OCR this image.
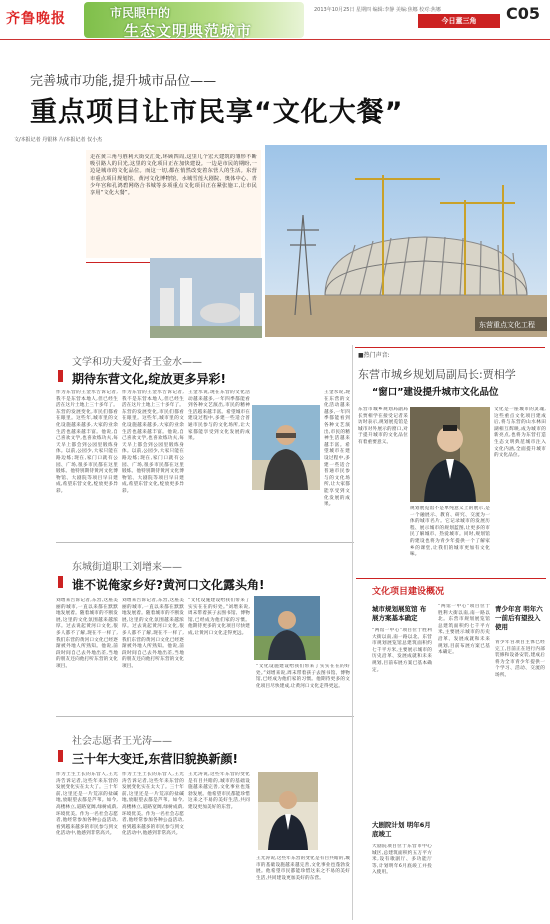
齐鲁晚报	市民眼中的
生态文明典范城市
2013年10月25日 星期四 编辑:李静 美编:焦娜 校对:焦娜
今日董三角	C05
完善城市功能,提升城市品位——
重点项目让市民享“文化大餐”
文/本报记者 丹银林 片/本报记者 仅小杰
走在黄三角与胜利大街交汇处,环顾四周,这里几个宏大建筑的雏形不断吸引路人的目光,这里的文化项目正在加快建设。一边是市民的期盼,一边是城市的文化品位。而这一切,都在悄然改变着东营人的生活。东营市重点项目规划馆、黄河文化博物馆、水城雪莲大剧院、奥体中心、青少年宫和孔鸿碧网络合书城等多项重点文化项目正在紧张施工,让市民享用“文化大餐”。
东营重点文化工程
■热门声音:
东营市城乡规划局副局长:贾相学
“窗口”建设提升城市文化品位
东营市城乡规划局副局长贾相学在接受记者采访时表示,规划展览馆是城市对外展示的窗口,对于提升城市的文化品位有着重要意义。
规划展览馆不是单纯意义上的展示,是一个融展示、教育、研究、交流为一体的城市名片。它记录城市的发展历程、展示城市的规划蓝图,让更多的市民了解城市、热爱城市。同时,规划馆的建设也将为青少年提供一个了解家乡的课堂,让我们的城市更加有文化味。
文化是一座城市的灵魂,这些重点文化项目建成后,将与东营的山水林田湖相互辉映,成为城市的新亮点,也将为东营打造生态文明典范城市注入文化内涵,全面提升城市的文化品位。
文化项目建设概况
城市规划展览馆 布展方案基本确定
“两馆一中心”项目位于胜利大街以南,南一路以北。东营市规划展览馆总建筑面积约七千平方米,主要展示城市的历史沿革、发展成就和未来规划,目前布展方案已基本确定。
大剧院计划 明年6月底竣工
大剧院项目位于东营市中心城区,总建筑面积约五万平方米,设有歌剧厅、多功能厅等,计划明年6月底竣工并投入使用。
“两馆一中心”项目位于胜利大街以南,南一路以北。东营市规划展览馆总建筑面积约七千平方米,主要展示城市的历史沿革、发展成就和未来规划,目前布展方案已基本确定。
青少年宫 明年六一前后有望投入使用
青少年宫项目主体已经完工,目前正在进行内部装修和设备安装,建成后将为全市青少年提供一个学习、活动、交流的场所。
文学和功夫爱好者王金水——
期待东营文化,绽放更多异彩!
作为东营的王金水告诉记者,我不是东营本地人,但已经生活在这片土地上三十多年了。东营的发展变化,市民们都看在眼里。这些年,城市里的文化设施越来越多,大家的业余生活也越来越丰富。他说,自己喜欢文学,也喜欢练功夫,每天早上都会到公园里锻炼身体。以前,公园少,大家只能在路边练;现在,家门口就有公园、广场,很多市民都在这里锻炼。他特别期待黄河文化博物馆、大剧院等项目早日建成,希望东营文化,绽放更多异彩。
作为东营的王金水告诉记者,我不是东营本地人,但已经生活在这片土地上三十多年了。东营的发展变化,市民们都看在眼里。这些年,城市里的文化设施越来越多,大家的业余生活也越来越丰富。他说,自己喜欢文学,也喜欢练功夫,每天早上都会到公园里锻炼身体。以前,公园少,大家只能在路边练;现在,家门口就有公园、广场,很多市民都在这里锻炼。他特别期待黄河文化博物馆、大剧院等项目早日建成,希望东营文化,绽放更多异彩。
王金水说,现在东营的文化活动越来越多,一年四季都能看到各种文艺演出,市民的精神生活越来越丰富。希望城市在建设过程中,多建一些适合普通市民参与的文化场所,让大家都能享受到文化发展的成果。
王金水说,现在东营的文化活动越来越多,一年四季都能看到各种文艺演出,市民的精神生活越来越丰富。希望城市在建设过程中,多建一些适合普通市民参与的文化场所,让大家都能享受到文化发展的成果。
东城街道职工刘增来——
谁不说俺家乡好?黄河口文化露头角!
刘增来告诉记者,东营,这座美丽的城市,一直以来都在默默地发展着。随着城市的不断发展,这里的文化氛围越来越浓厚。过去说起黄河口文化,很多人都不了解,现在不一样了,我们东营的黄河口文化已经逐渐被外地人所熟知。他说,前段时间自己去外地出差,当地的朋友还向他打听东营的文化项目。
刘增来告诉记者,东营,这座美丽的城市,一直以来都在默默地发展着。随着城市的不断发展,这里的文化氛围越来越浓厚。过去说起黄河口文化,很多人都不了解,现在不一样了,我们东营的黄河口文化已经逐渐被外地人所熟知。他说,前段时间自己去外地出差,当地的朋友还向他打听东营的文化项目。
“文化设施建设给我们带来了实实在在的好处。”刘增来说,周末带着孩子去图书馆、博物馆,已经成为他们家的习惯。他期待更多的文化项目尽快建成,让黄河口文化走得更远。
“文化设施建设给我们带来了实实在在的好处。”刘增来说,周末带着孩子去图书馆、博物馆,已经成为他们家的习惯。他期待更多的文化项目尽快建成,让黄河口文化走得更远。
社会志愿者王光涛——
三十年大变迁,东营旧貌换新颜!
作为土生土长的东营人,王光涛告诉记者,这些年来东营的发展变化实在太大了。三十年前,这里还是一片荒凉的盐碱地,放眼望去都是芦苇。如今,高楼林立,道路宽阔,绿树成荫,环境优美。作为一名社会志愿者,他经常参加各种公益活动,看到越来越多的市民参与到文化活动中,他感到非常高兴。
作为土生土长的东营人,王光涛告诉记者,这些年来东营的发展变化实在太大了。三十年前,这里还是一片荒凉的盐碱地,放眼望去都是芦苇。如今,高楼林立,道路宽阔,绿树成荫,环境优美。作为一名社会志愿者,他经常参加各种公益活动,看到越来越多的市民参与到文化活动中,他感到非常高兴。
王光涛说,这些年东营的变化是有目共睹的,城市的基础设施越来越完善,文化事业也蓬勃发展。他希望市民都能珍惜这来之不易的美好生活,共同建设更加美好的东营。
王光涛说,这些年东营的变化是有目共睹的,城市的基础设施越来越完善,文化事业也蓬勃发展。他希望市民都能珍惜这来之不易的美好生活,共同建设更加美好的东营。
